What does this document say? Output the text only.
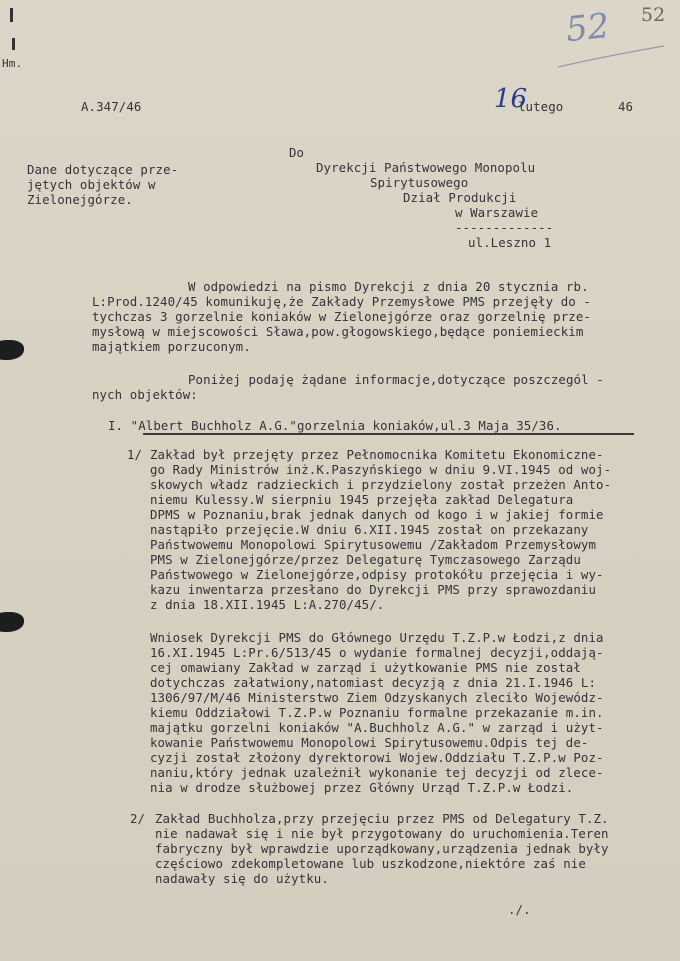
Hm.
52 52
A.347/46	16
lutego	46
Do
Dyrekcji Państwowego Monopolu
Spirytusowego
Dział Produkcji
w Warszawie
-------------
ul.Leszno 1
Dane dotyczące prze-
jętych objektów w
Zielonejgórze.
W odpowiedzi na pismo Dyrekcji z dnia 20 stycznia rb.
L:Prod.1240/45 komunikuję,że Zakłady Przemysłowe PMS przejęły do -
tychczas 3 gorzelnie koniaków w Zielonejgórze oraz gorzelnię prze-
mysłową w miejscowości Sława,pow.głogowskiego,będące poniemieckim
majątkiem porzuconym.
Poniżej podaję żądane informacje,dotyczące poszczegól -
nych objektów:
I. "Albert Buchholz A.G."gorzelnia koniaków,ul.3 Maja 35/36.
1/ Zakład był przejęty przez Pełnomocnika Komitetu Ekonomiczne-
go Rady Ministrów inż.K.Paszyńskiego w dniu 9.VI.1945 od woj-
skowych władz radzieckich i przydzielony został przeżen Anto-
niemu Kulessy.W sierpniu 1945 przejęła zakład Delegatura
DPMS w Poznaniu,brak jednak danych od kogo i w jakiej formie
nastąpiło przejęcie.W dniu 6.XII.1945 został on przekazany
Państwowemu Monopolowi Spirytusowemu /Zakładom Przemysłowym
PMS w Zielonejgórze/przez Delegaturę Tymczasowego Zarządu
Państwowego w Zielonejgórze,odpisy protokółu przejęcia i wy-
kazu inwentarza przesłano do Dyrekcji PMS przy sprawozdaniu
z dnia 18.XII.1945 L:A.270/45/.
Wniosek Dyrekcji PMS do Głównego Urzędu T.Z.P.w Łodzi,z dnia
16.XI.1945 L:Pr.6/513/45 o wydanie formalnej decyzji,oddają-
cej omawiany Zakład w zarząd i użytkowanie PMS nie został
dotychczas załatwiony,natomiast decyzją z dnia 21.I.1946 L:
1306/97/M/46 Ministerstwo Ziem Odzyskanych zleciło Wojewódz-
kiemu Oddziałowi T.Z.P.w Poznaniu formalne przekazanie m.in.
majątku gorzelni koniaków "A.Buchholz A.G." w zarząd i użyt-
kowanie Państwowemu Monopolowi Spirytusowemu.Odpis tej de-
cyzji został złożony dyrektorowi Wojew.Oddziału T.Z.P.w Poz-
naniu,który jednak uzależnił wykonanie tej decyzji od zlece-
nia w drodze służbowej przez Główny Urząd T.Z.P.w Łodzi.
2/ Zakład Buchholza,przy przejęciu przez PMS od Delegatury T.Z.
nie nadawał się i nie był przygotowany do uruchomienia.Teren
fabryczny był wprawdzie uporządkowany,urządzenia jednak były
częściowo zdekompletowane lub uszkodzone,niektóre zaś nie
nadawały się do użytku.
./.
